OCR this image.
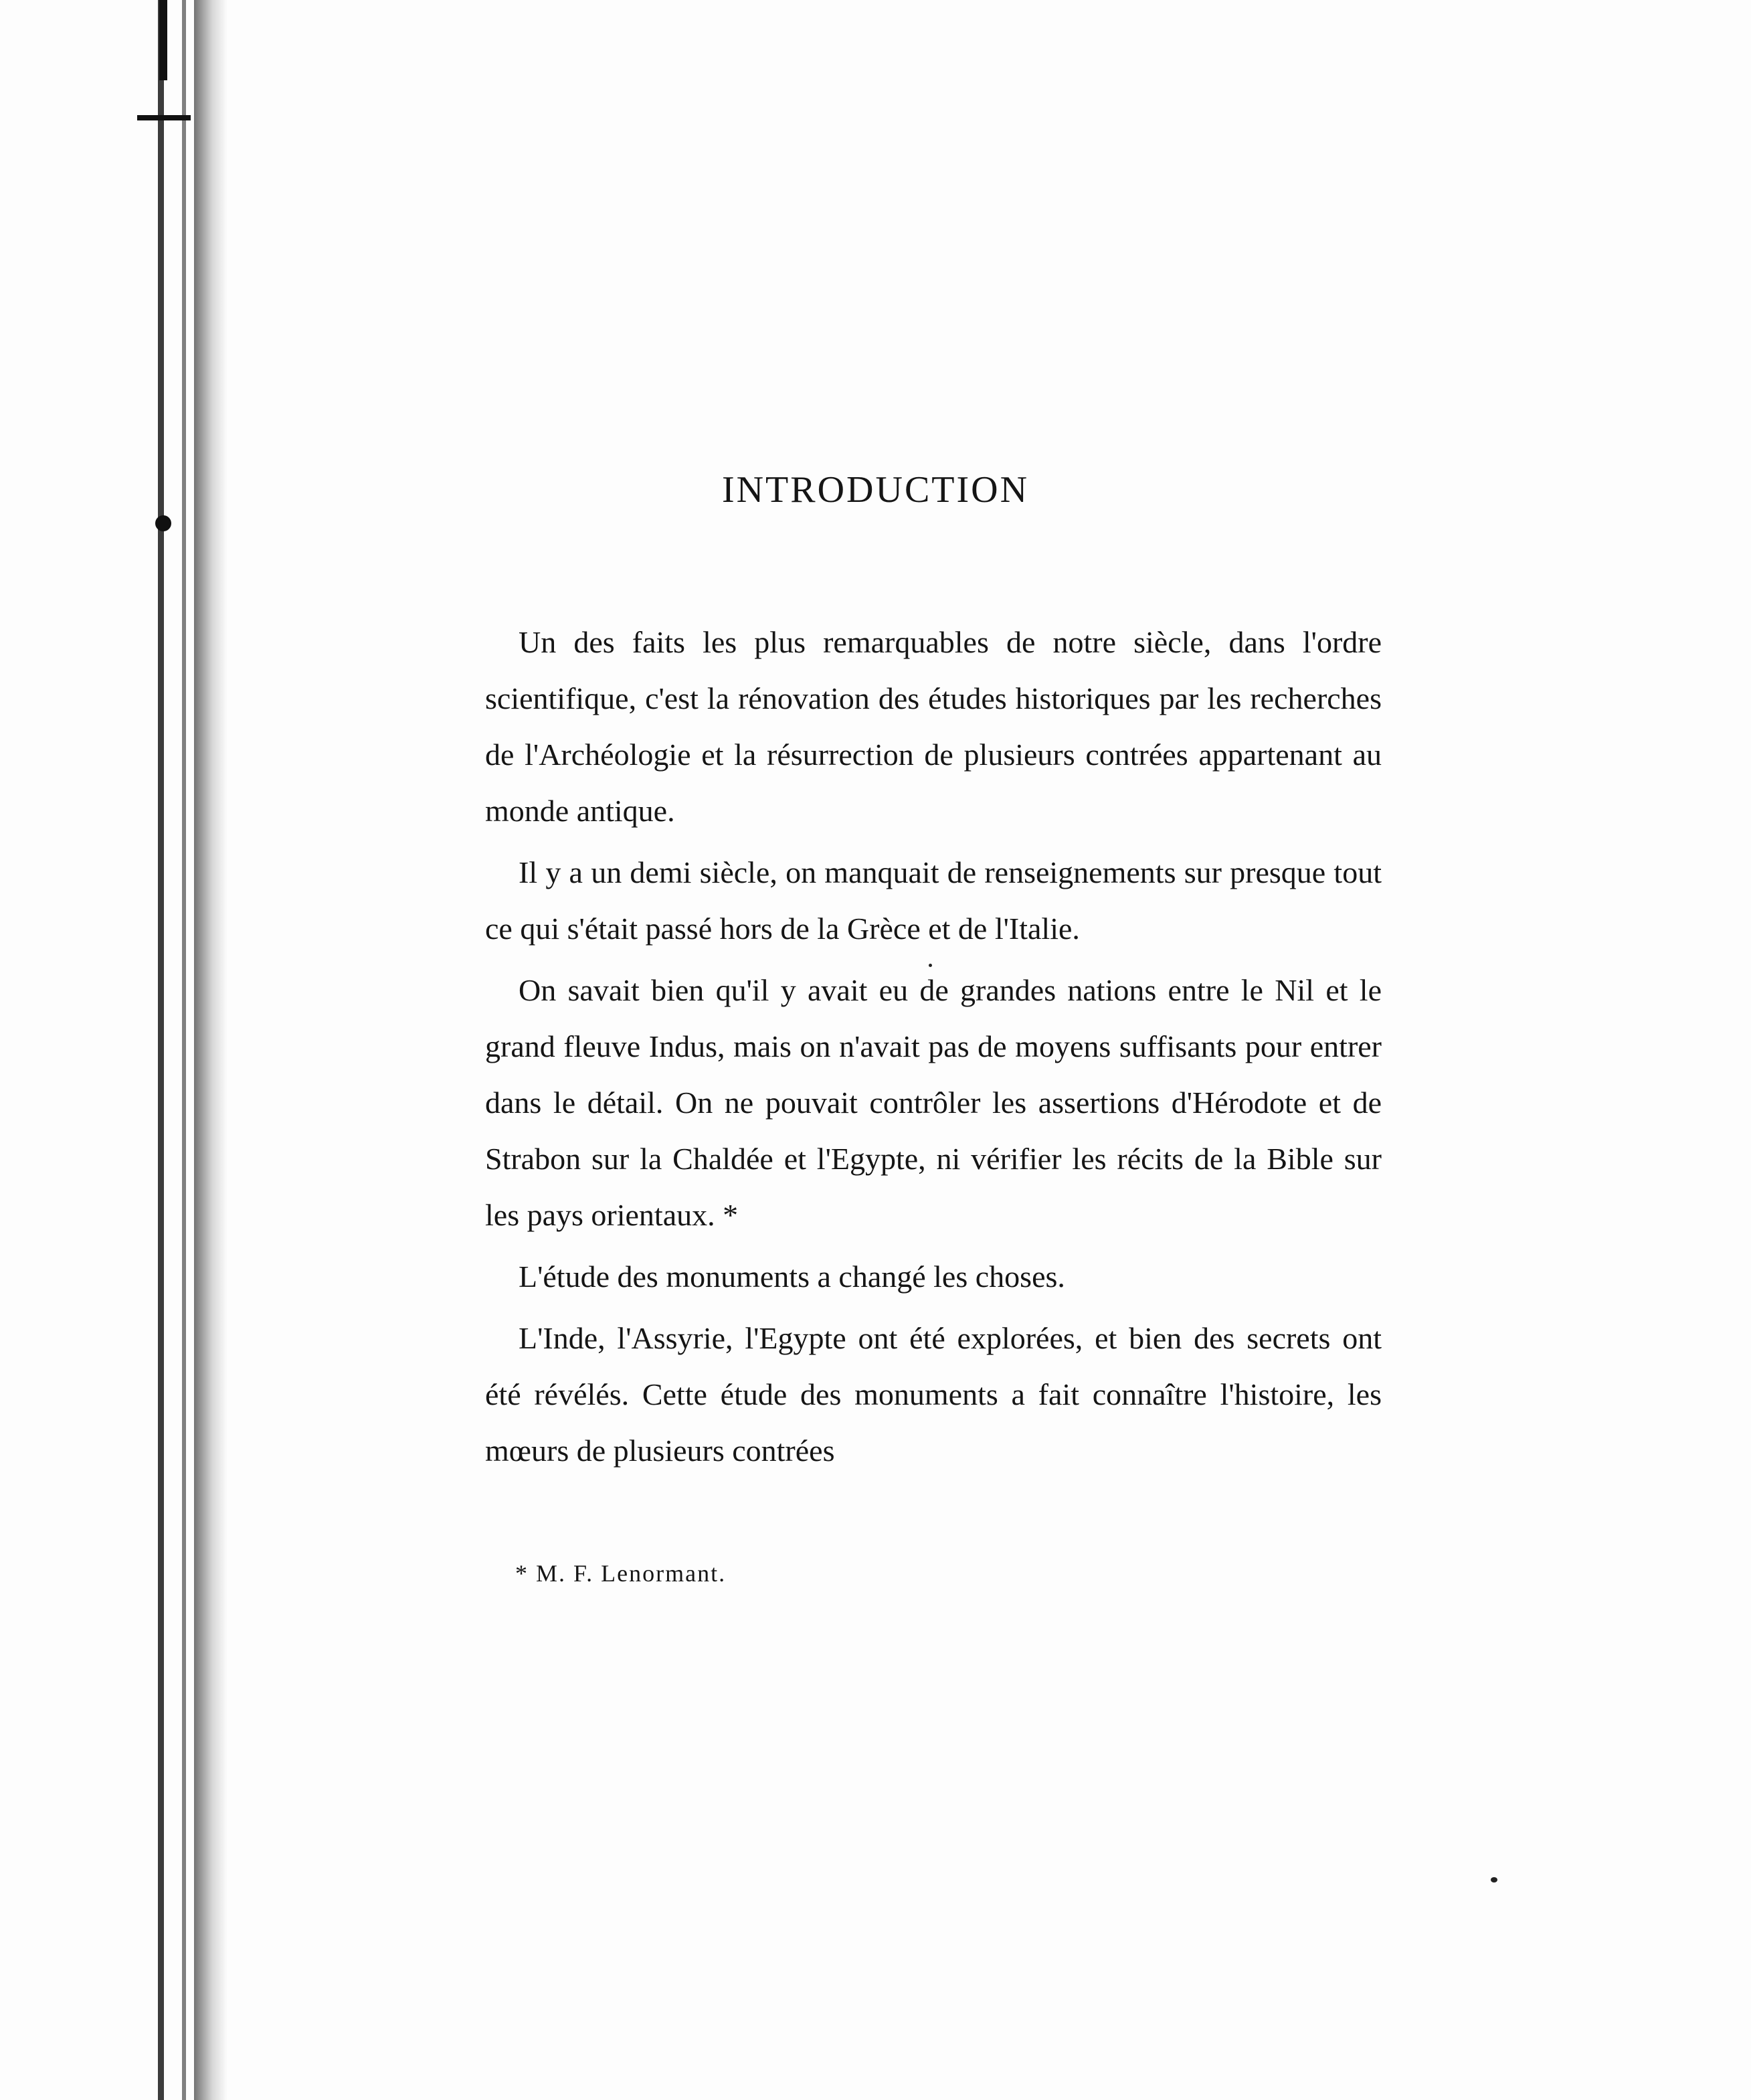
INTRODUCTION

Un des faits les plus remarquables de notre siècle, dans l'ordre scientifique, c'est la rénovation des études historiques par les recherches de l'Archéologie et la résurrection de plusieurs contrées appartenant au monde antique.

Il y a un demi siècle, on manquait de renseignements sur presque tout ce qui s'était passé hors de la Grèce et de l'Italie.

On savait bien qu'il y avait eu de grandes nations entre le Nil et le grand fleuve Indus, mais on n'avait pas de moyens suffisants pour entrer dans le détail. On ne pouvait contrôler les assertions d'Hérodote et de Strabon sur la Chaldée et l'Egypte, ni vérifier les récits de la Bible sur les pays orientaux. *

L'étude des monuments a changé les choses.

L'Inde, l'Assyrie, l'Egypte ont été explorées, et bien des secrets ont été révélés. Cette étude des monuments a fait connaître l'histoire, les mœurs de plusieurs contrées

* M. F. Lenormant.
